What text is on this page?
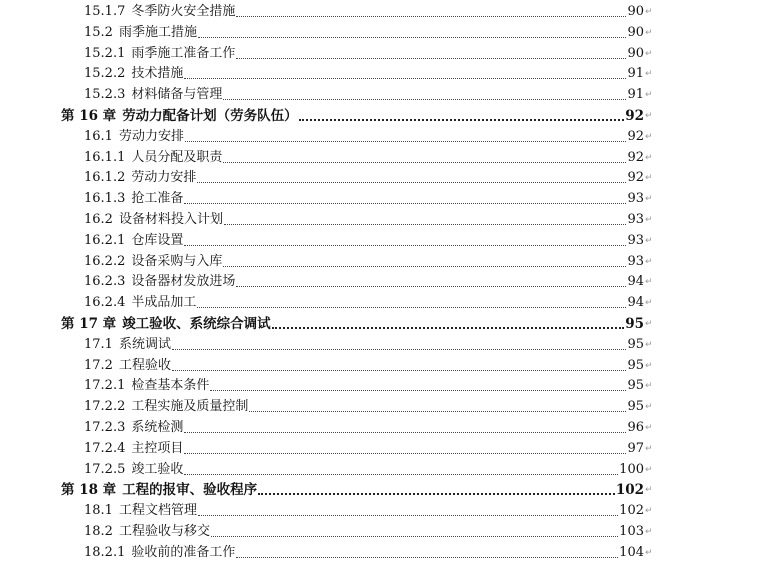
15.1.7 冬季防火安全措施	90 ↵
15.2 雨季施工措施	90 ↵
15.2.1 雨季施工准备工作	90 ↵
15.2.2 技术措施	91 ↵
15.2.3 材料储备与管理	91 ↵
第 16 章 劳动力配备计划（劳务队伍）	92 ↵
16.1 劳动力安排	92 ↵
16.1.1 人员分配及职责	92 ↵
16.1.2 劳动力安排	92 ↵
16.1.3 抢工准备	93 ↵
16.2 设备材料投入计划	93 ↵
16.2.1 仓库设置	93 ↵
16.2.2 设备采购与入库	93 ↵
16.2.3 设备器材发放进场	94 ↵
16.2.4 半成品加工	94 ↵
第 17 章 竣工验收、系统综合调试	95 ↵
17.1 系统调试	95 ↵
17.2 工程验收	95 ↵
17.2.1 检查基本条件	95 ↵
17.2.2 工程实施及质量控制	95 ↵
17.2.3 系统检测	96 ↵
17.2.4 主控项目	97 ↵
17.2.5 竣工验收	100 ↵
第 18 章 工程的报审、验收程序	102 ↵
18.1 工程文档管理	102 ↵
18.2 工程验收与移交	103 ↵
18.2.1 验收前的准备工作	104 ↵
